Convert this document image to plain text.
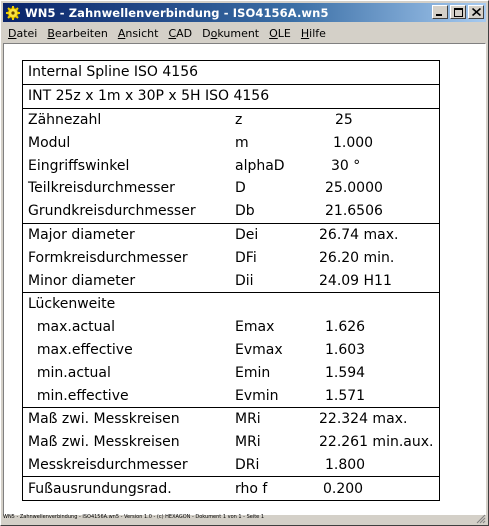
WN5 - Zahnwellenverbindung - ISO4156A.wn5
Datei Bearbeiten Ansicht CAD Dokument OLE Hilfe
Internal Spline ISO 4156
INT 25z x 1m x 30P x 5H ISO 4156
Zähnezahl	z	25
Modul	m	1.000
Eingriffswinkel	alphaD	30 °
Teilkreisdurchmesser	D	25.0000
Grundkreisdurchmesser	Db	21.6506
Major diameter	Dei	26.74 max.
Formkreisdurchmesser	DFi	26.20 min.
Minor diameter	Dii	24.09 H11
Lückenweite
max.actual	Emax	1.626
max.effective	Evmax	1.603
min.actual	Emin	1.594
min.effective	Evmin	1.571
Maß zwi. Messkreisen	MRi	22.324 max.
Maß zwi. Messkreisen	MRi	22.261 min.aux.
Messkreisdurchmesser	DRi	1.800
Fußausrundungsrad.	rho f	0.200
WN5 - Zahnwellenverbindung - ISO4156A.wn5 - Version 1.0 - (c) HEXAGON - Dokument 1 von 1 - Seite 1
